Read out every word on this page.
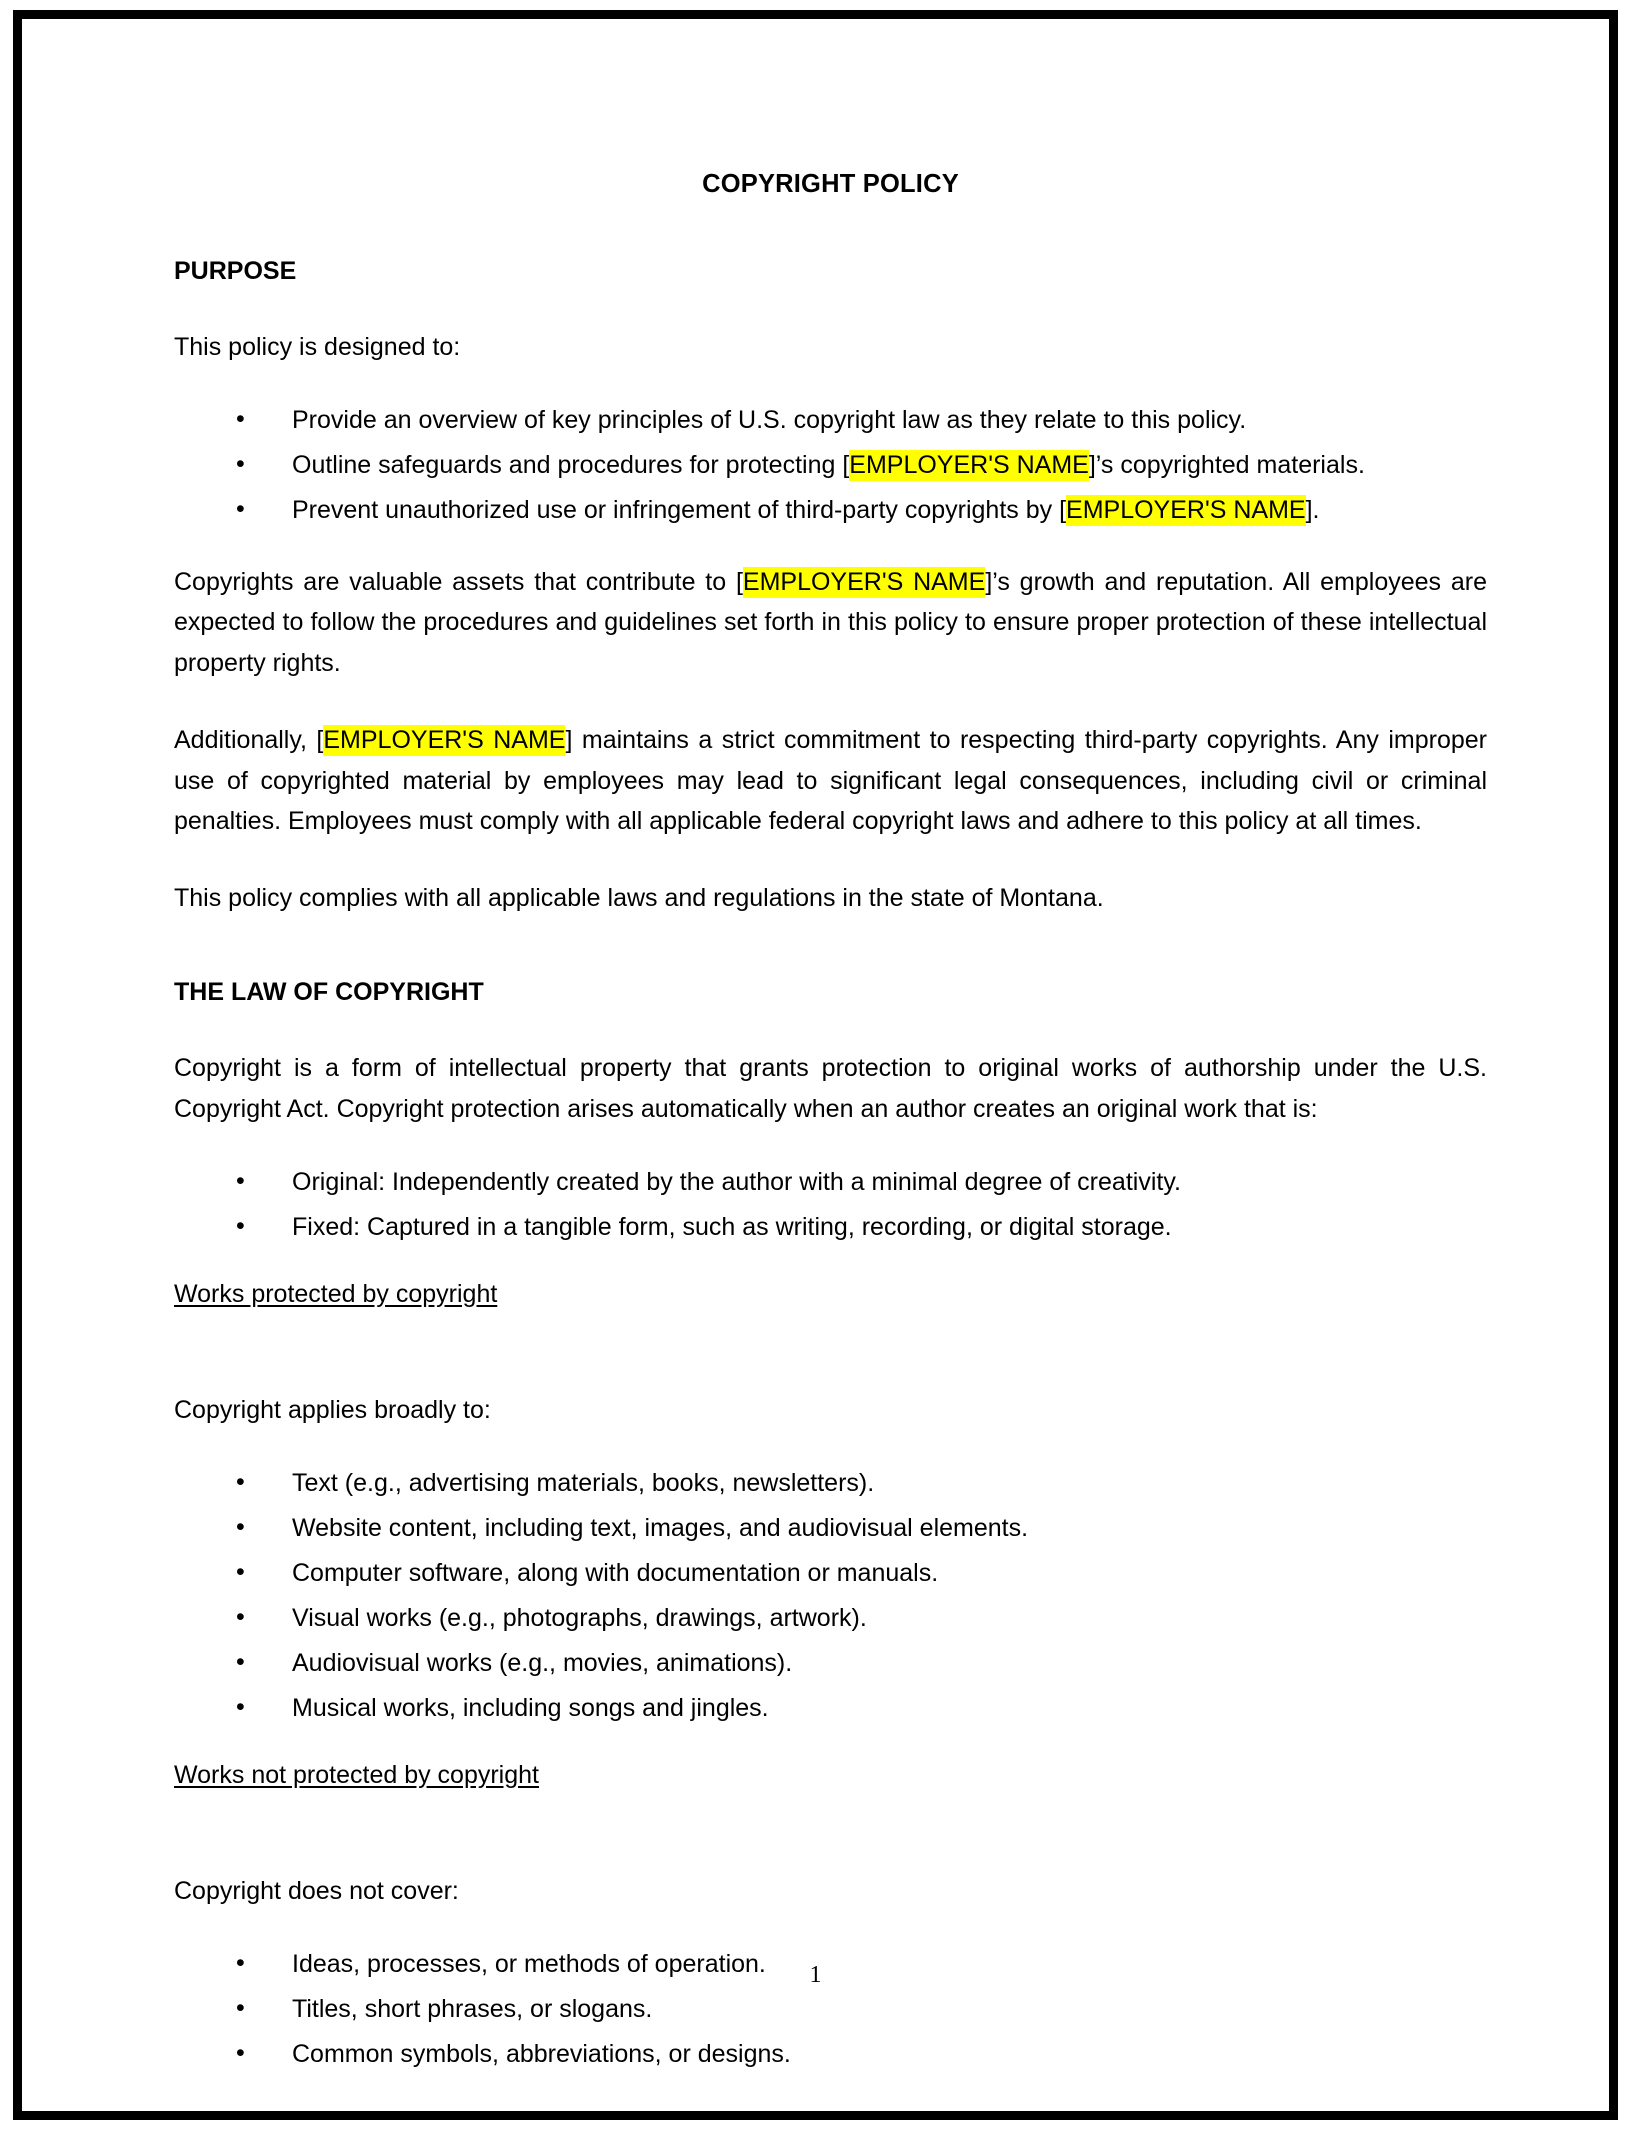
COPYRIGHT POLICY
PURPOSE

This policy is designed to:

• Provide an overview of key principles of U.S. copyright law as they relate to this policy.
• Outline safeguards and procedures for protecting [EMPLOYER'S NAME]’s copyrighted materials.
• Prevent unauthorized use or infringement of third-party copyrights by [EMPLOYER'S NAME].

Copyrights are valuable assets that contribute to [EMPLOYER'S NAME]’s growth and reputation. All employees are expected to follow the procedures and guidelines set forth in this policy to ensure proper protection of these intellectual property rights.

Additionally, [EMPLOYER'S NAME] maintains a strict commitment to respecting third-party copyrights. Any improper use of copyrighted material by employees may lead to significant legal consequences, including civil or criminal penalties. Employees must comply with all applicable federal copyright laws and adhere to this policy at all times.

This policy complies with all applicable laws and regulations in the state of Montana.

THE LAW OF COPYRIGHT

Copyright is a form of intellectual property that grants protection to original works of authorship under the U.S. Copyright Act. Copyright protection arises automatically when an author creates an original work that is:

• Original: Independently created by the author with a minimal degree of creativity.
• Fixed: Captured in a tangible form, such as writing, recording, or digital storage.
Works protected by copyright

Copyright applies broadly to:

• Text (e.g., advertising materials, books, newsletters).
• Website content, including text, images, and audiovisual elements.
• Computer software, along with documentation or manuals.
• Visual works (e.g., photographs, drawings, artwork).
• Audiovisual works (e.g., movies, animations).
• Musical works, including songs and jingles.
Works not protected by copyright

Copyright does not cover:

• Ideas, processes, or methods of operation.
• Titles, short phrases, or slogans.
• Common symbols, abbreviations, or designs.
1
